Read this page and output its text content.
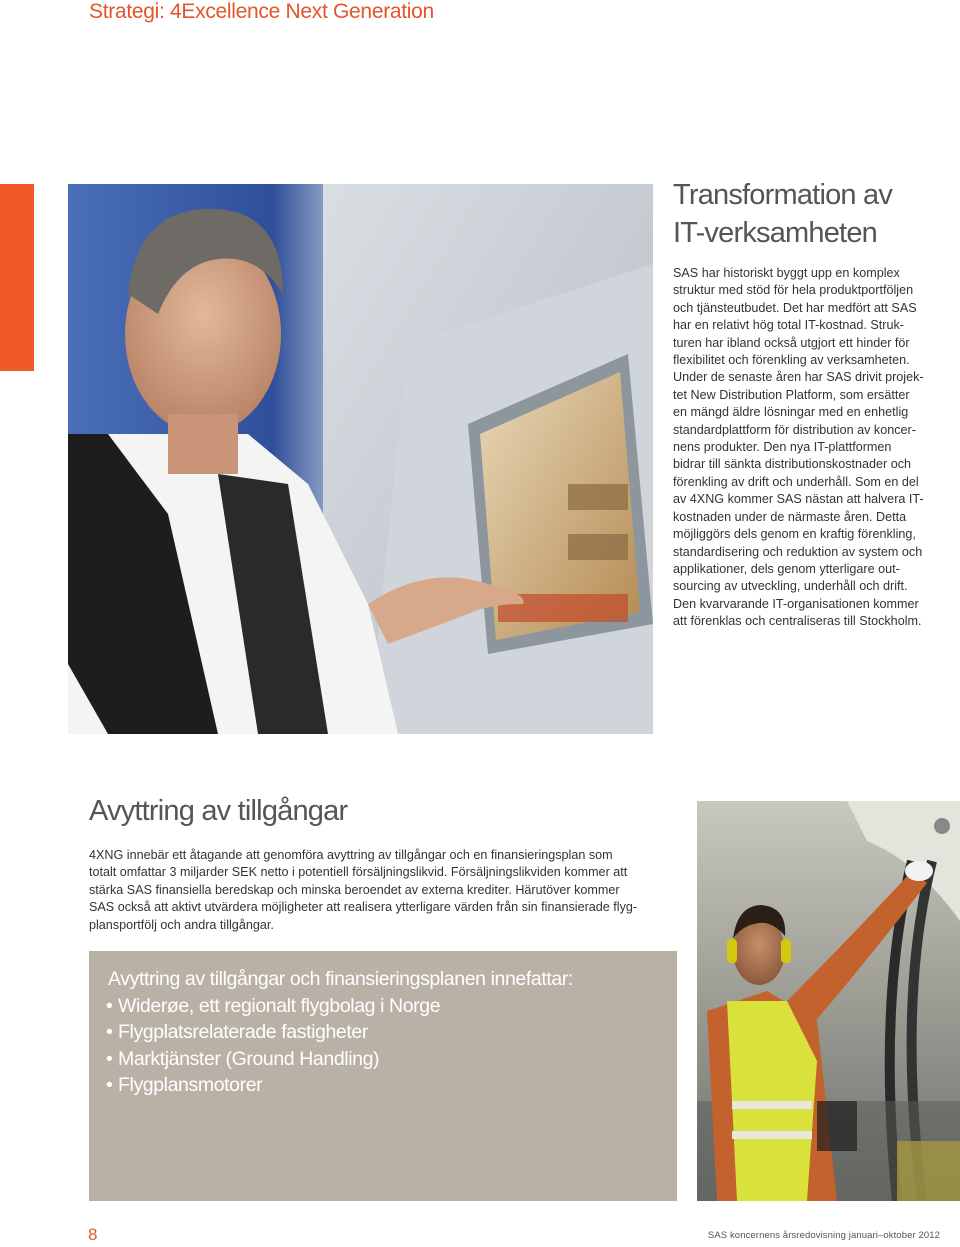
Strategi: 4Excellence Next Generation
Transformation av
IT-verksamheten
SAS har historiskt byggt upp en komplex
struktur med stöd för hela produktportföljen
och tjänsteutbudet. Det har medfört att SAS
har en relativt hög total IT-kostnad. Struk-
turen har ibland också utgjort ett hinder för
flexibilitet och förenkling av verksamheten.
Under de senaste åren har SAS drivit projek-
tet New Distribution Platform, som ersätter
en mängd äldre lösningar med en enhetlig
standardplattform för distribution av koncer-
nens produkter. Den nya IT-plattformen
bidrar till sänkta distributionskostnader och
förenkling av drift och underhåll. Som en del
av 4XNG kommer SAS nästan att halvera IT-
kostnaden under de närmaste åren. Detta
möjliggörs dels genom en kraftig förenkling,
standardisering och reduktion av system och
applikationer, dels genom ytterligare out-
sourcing av utveckling, underhåll och drift.
Den kvarvarande IT-organisationen kommer
att förenklas och centraliseras till Stockholm.
Avyttring av tillgångar
4XNG innebär ett åtagande att genomföra avyttring av tillgångar och en finansieringsplan som
totalt omfattar 3 miljarder SEK netto i potentiell försäljningslikvid. Försäljningslikviden kommer att
stärka SAS finansiella beredskap och minska beroendet av externa krediter. Härutöver kommer
SAS också att aktivt utvärdera möjligheter att realisera ytterligare värden från sin finansierade flyg-
plansportfölj och andra tillgångar.
Avyttring av tillgångar och finansieringsplanen innefattar:
• Widerøe, ett regionalt flygbolag i Norge
• Flygplatsrelaterade fastigheter
• Marktjänster (Ground Handling)
• Flygplansmotorer
8	SAS koncernens årsredovisning januari–oktober 2012
